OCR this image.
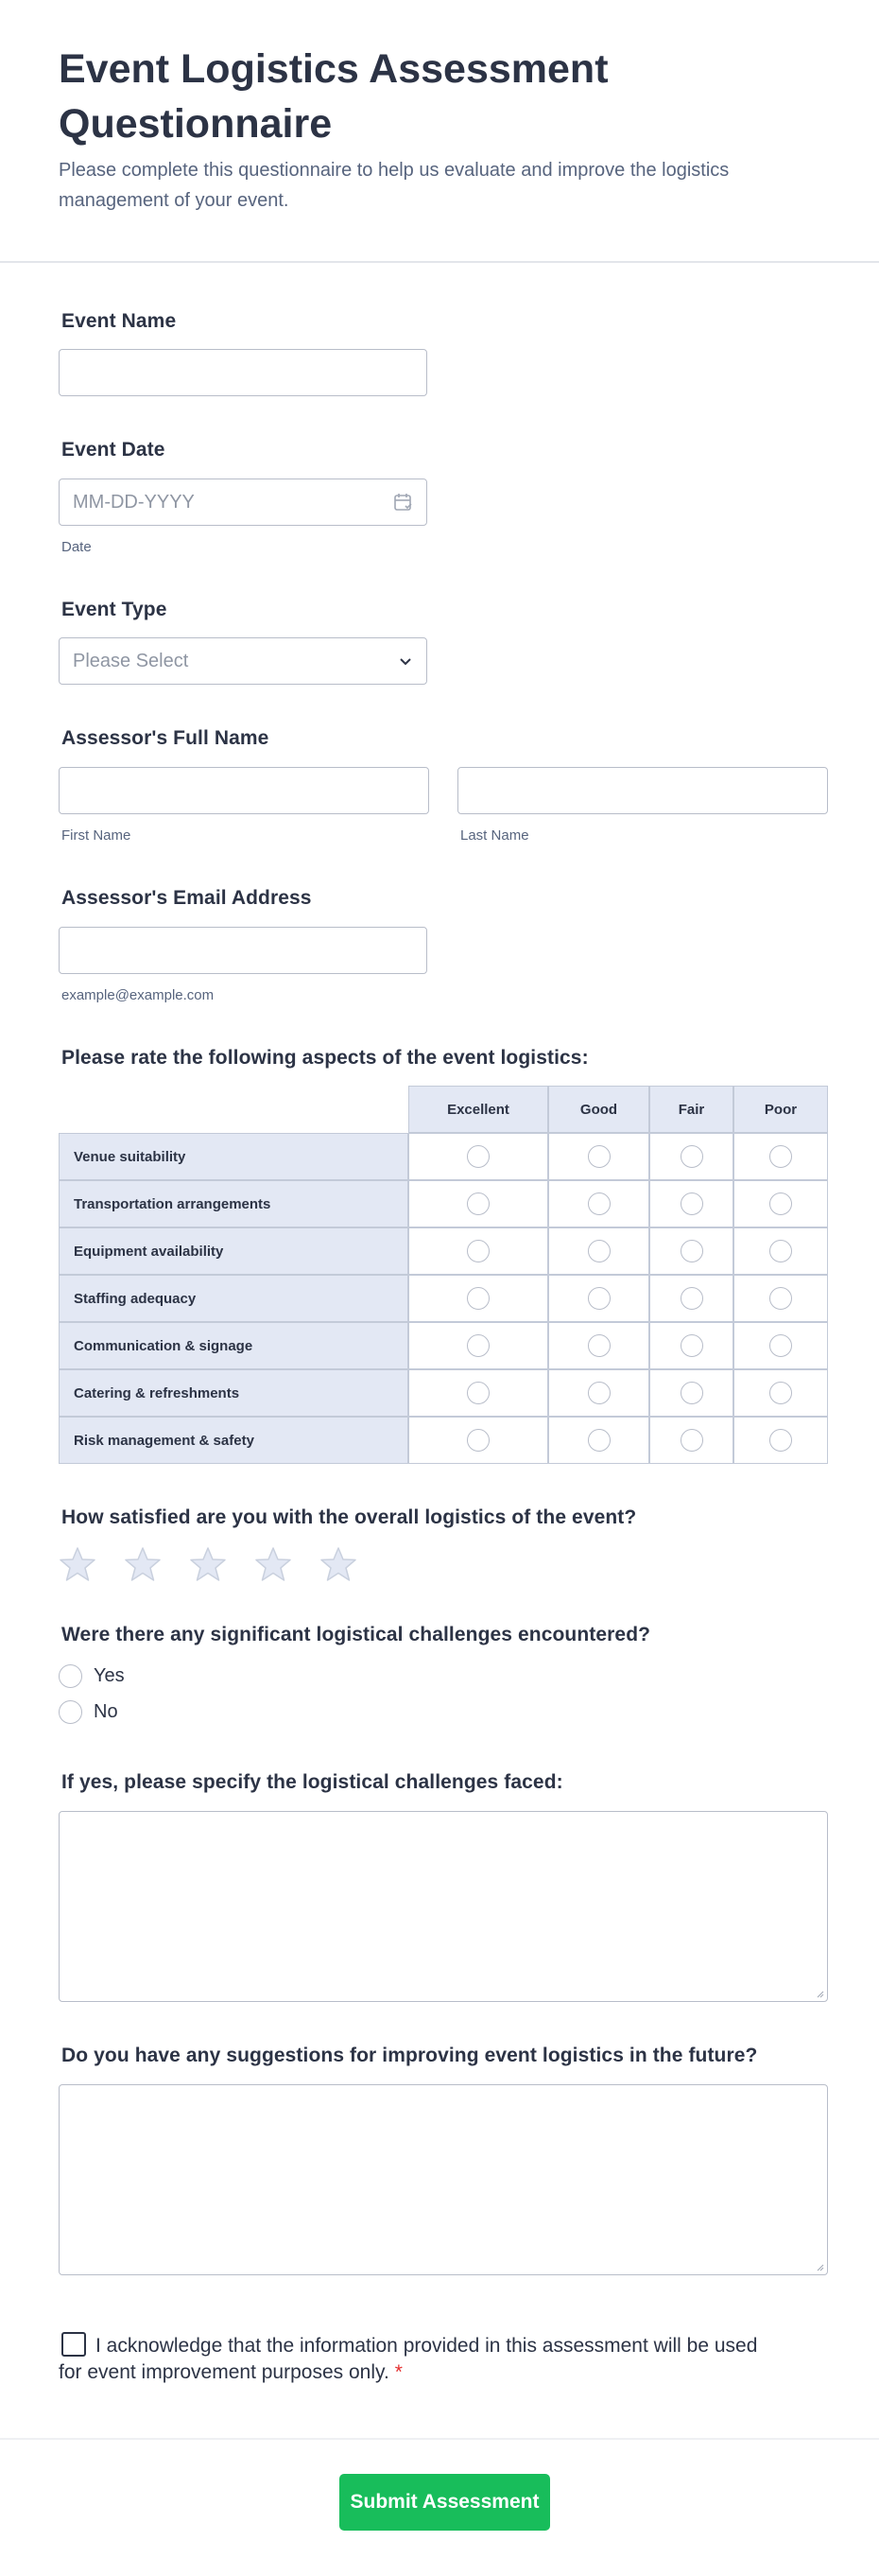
Event Logistics Assessment Questionnaire

Please complete this questionnaire to help us evaluate and improve the logistics management of your event.

Event Name
Event Date
MM-DD-YYYY
Date
Event Type
Please Select
Assessor's Full Name
First Name	Last Name
Assessor's Email Address
example@example.com
Please rate the following aspects of the event logistics:
Excellent	Good	Fair	Poor
Venue suitability
Transportation arrangements
Equipment availability
Staffing adequacy
Communication & signage
Catering & refreshments
Risk management & safety
How satisfied are you with the overall logistics of the event?
Were there any significant logistical challenges encountered?
Yes
No
If yes, please specify the logistical challenges faced:
Do you have any suggestions for improving event logistics in the future?
I acknowledge that the information provided in this assessment will be used for event improvement purposes only. *
Submit Assessment
